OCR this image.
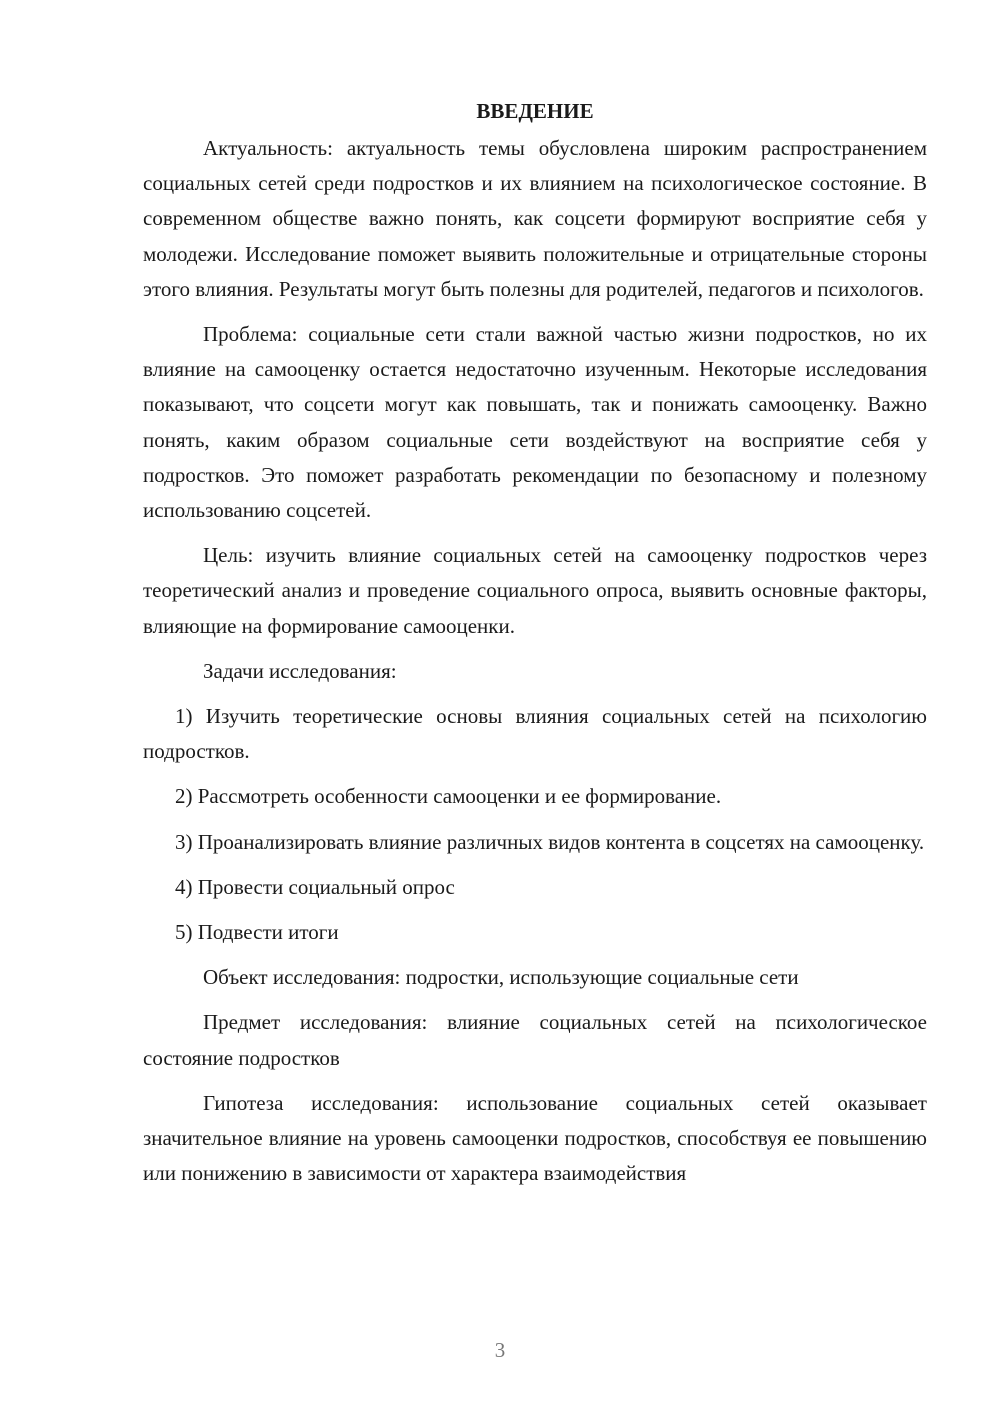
ВВЕДЕНИЕ

Актуальность: актуальность темы обусловлена широким распространением социальных сетей среди подростков и их влиянием на психологическое состояние. В современном обществе важно понять, как соцсети формируют восприятие себя у молодежи. Исследование поможет выявить положительные и отрицательные стороны этого влияния. Результаты могут быть полезны для родителей, педагогов и психологов.

Проблема: социальные сети стали важной частью жизни подростков, но их влияние на самооценку остается недостаточно изученным. Некоторые исследования показывают, что соцсети могут как повышать, так и понижать самооценку. Важно понять, каким образом социальные сети воздействуют на восприятие себя у подростков. Это поможет разработать рекомендации по безопасному и полезному использованию соцсетей.

Цель: изучить влияние социальных сетей на самооценку подростков через теоретический анализ и проведение социального опроса, выявить основные факторы, влияющие на формирование самооценки.

Задачи исследования:

1) Изучить теоретические основы влияния социальных сетей на психологию подростков.

2) Рассмотреть особенности самооценки и ее формирование.

3) Проанализировать влияние различных видов контента в соцсетях на самооценку.

4) Провести социальный опрос

5) Подвести итоги

Объект исследования: подростки, использующие социальные сети

Предмет исследования: влияние социальных сетей на психологическое состояние подростков

Гипотеза исследования: использование социальных сетей оказывает значительное влияние на уровень самооценки подростков, способствуя ее повышению или понижению в зависимости от характера взаимодействия

3
